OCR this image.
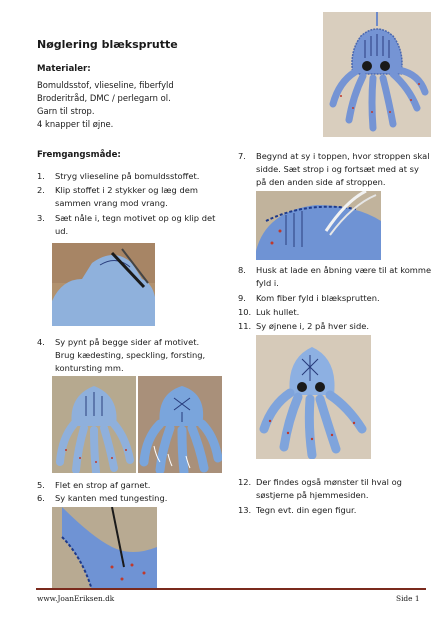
Nøglering blæksprutte
Materialer:
Bomuldsstof, vlieseline, fiberfyld
Broderitråd, DMC / perlegarn ol.
Garn til strop.
4 knapper til øjne.
Fremgangsmåde:
1. Stryg vlieseline på bomuldsstoffet.
2. Klip stoffet i 2 stykker og læg dem
sammen vrang mod vrang.
3. Sæt nåle i, tegn motivet op og klip det
ud.
4. Sy pynt på begge sider af motivet.
Brug kædesting, speckling, forsting,
kontursting mm.
5. Flet en strop af garnet.
6. Sy kanten med tungesting.
7. Begynd at sy i toppen, hvor stroppen skal
sidde. Sæt strop i og fortsæt med at sy
på den anden side af stroppen.
8. Husk at lade en åbning være til at komme
fyld i.
9. Kom fiber fyld i blæksprutten.
10. Luk hullet.
11. Sy øjnene i, 2 på hver side.
12. Der findes også mønster til hval og
søstjerne på hjemmesiden.
13. Tegn evt. din egen figur.
www.JoanEriksen.dk	Side 1
